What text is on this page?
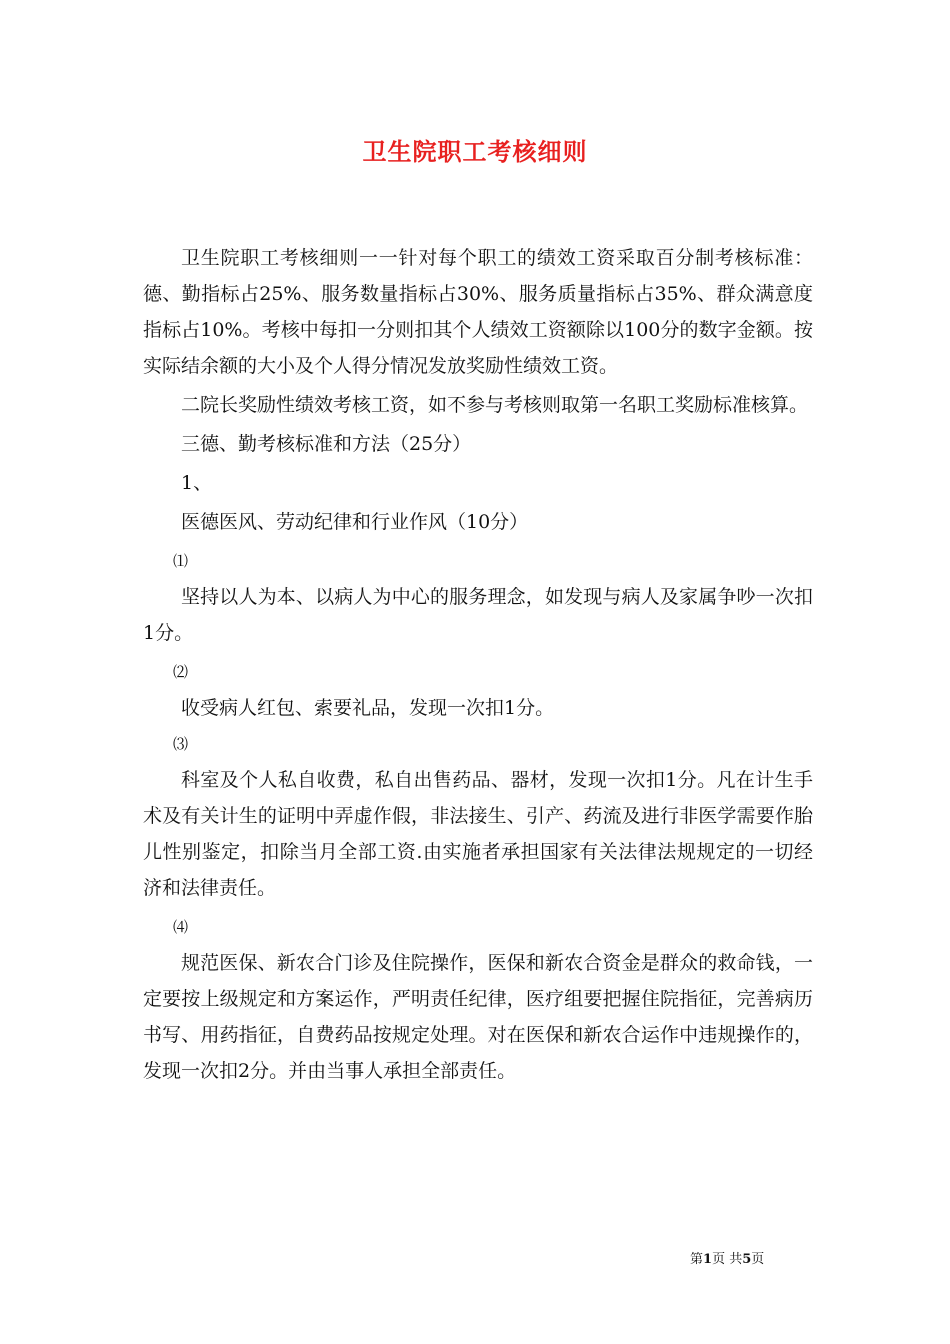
卫生院职工考核细则

卫生院职工考核细则一一针对每个职工的绩效工资采取百分制考核标准：德、勤指标占25%、服务数量指标占30%、服务质量指标占35%、群众满意度指标占10%。考核中每扣一分则扣其个人绩效工资额除以100分的数字金额。按实际结余额的大小及个人得分情况发放奖励性绩效工资。

二院长奖励性绩效考核工资，如不参与考核则取第一名职工奖励标准核算。

三德、勤考核标准和方法（25分）

1、

医德医风、劳动纪律和行业作风（10分）

⑴

坚持以人为本、以病人为中心的服务理念，如发现与病人及家属争吵一次扣1分。

⑵

收受病人红包、索要礼品，发现一次扣1分。

⑶

科室及个人私自收费，私自出售药品、器材，发现一次扣1分。凡在计生手术及有关计生的证明中弄虚作假，非法接生、引产、药流及进行非医学需要作胎儿性别鉴定，扣除当月全部工资.由实施者承担国家有关法律法规规定的一切经济和法律责任。

⑷

规范医保、新农合门诊及住院操作，医保和新农合资金是群众的救命钱，一定要按上级规定和方案运作，严明责任纪律，医疗组要把握住院指征，完善病历书写、用药指征，自费药品按规定处理。对在医保和新农合运作中违规操作的，发现一次扣2分。并由当事人承担全部责任。

第1页 共5页
